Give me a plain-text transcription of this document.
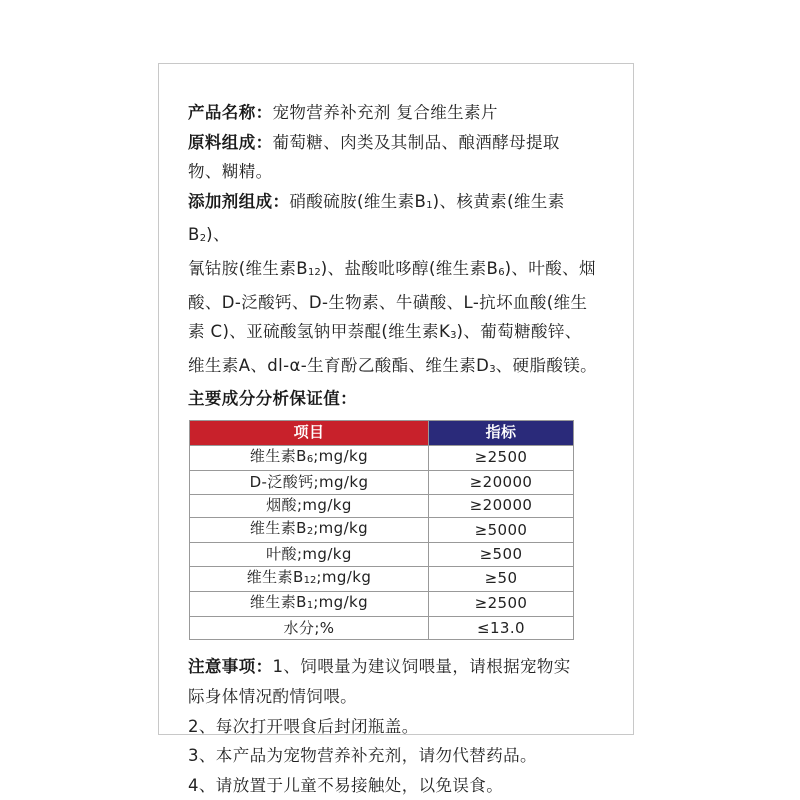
产品名称：宠物营养补充剂 复合维生素片

原料组成：葡萄糖、肉类及其制品、酿酒酵母提取

物、糊精。

添加剂组成：硝酸硫胺(维生素B1)、核黄素(维生素B2)、

氰钴胺(维生素B12)、盐酸吡哆醇(维生素B6)、叶酸、烟

酸、D-泛酸钙、D-生物素、牛磺酸、L-抗坏血酸(维生

素 C)、亚硫酸氢钠甲萘醌(维生素K3)、葡萄糖酸锌、

维生素A、dl-α-生育酚乙酸酯、维生素D3、硬脂酸镁。

主要成分分析保证值：

项目	指标
维生素B6;mg/kg	≥2500
D-泛酸钙;mg/kg	≥20000
烟酸;mg/kg	≥20000
维生素B2;mg/kg	≥5000
叶酸;mg/kg	≥500
维生素B12;mg/kg	≥50
维生素B1;mg/kg	≥2500
水分;%	≤13.0

注意事项：1、饲喂量为建议饲喂量，请根据宠物实

际身体情况酌情饲喂。

2、每次打开喂食后封闭瓶盖。

3、本产品为宠物营养补充剂，请勿代替药品。

4、请放置于儿童不易接触处，以免误食。
